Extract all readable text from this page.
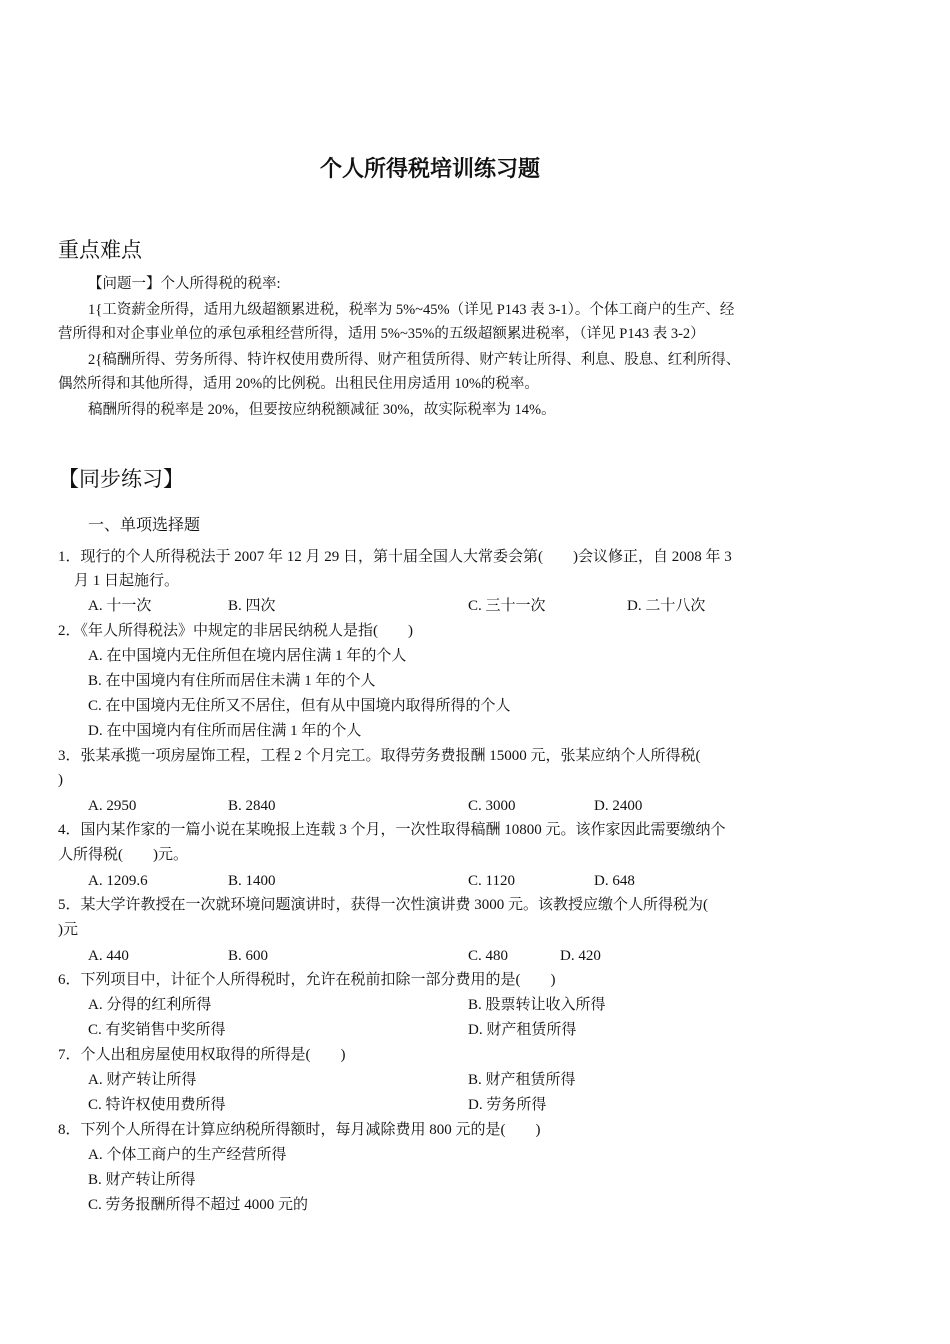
个人所得税培训练习题
重点难点
【问题一】个人所得税的税率:
1{工资薪金所得，适用九级超额累进税，税率为 5%~45%（详见 P143 表 3-1）。个体工商户的生产、经
营所得和对企事业单位的承包承租经营所得，适用 5%~35%的五级超额累进税率，（详见 P143 表 3-2）
2{稿酬所得、劳务所得、特许权使用费所得、财产租赁所得、财产转让所得、利息、股息、红利所得、
偶然所得和其他所得，适用 20%的比例税。出租民住用房适用 10%的税率。
稿酬所得的税率是 20%，但要按应纳税额减征 30%，故实际税率为 14%。
【同步练习】
一、单项选择题
1．现行的个人所得税法于 2007 年 12 月 29 日，第十届全国人大常委会第(　　)会议修正，自 2008 年 3
月 1 日起施行。
A. 十一次	B. 四次	C. 三十一次	D. 二十八次
2．《年人所得税法》中规定的非居民纳税人是指(　　)
A. 在中国境内无住所但在境内居住满 1 年的个人
B. 在中国境内有住所而居住未满 1 年的个人
C. 在中国境内无住所又不居住，但有从中国境内取得所得的个人
D. 在中国境内有住所而居住满 1 年的个人
3．张某承揽一项房屋饰工程，工程 2 个月完工。取得劳务费报酬 15000 元，张某应纳个人所得税(
)
A. 2950	B. 2840	C. 3000	D. 2400
4．国内某作家的一篇小说在某晚报上连载 3 个月，一次性取得稿酬 10800 元。该作家因此需要缴纳个
人所得税(　　)元。
A. 1209.6	B. 1400	C. 1120	D. 648
5．某大学许教授在一次就环境问题演讲时，获得一次性演讲费 3000 元。该教授应缴个人所得税为(
)元
A. 440	B. 600	C. 480	D. 420
6．下列项目中，计征个人所得税时，允许在税前扣除一部分费用的是(　　)
A. 分得的红利所得	B. 股票转让收入所得
C. 有奖销售中奖所得	D. 财产租赁所得
7．个人出租房屋使用权取得的所得是(　　)
A. 财产转让所得	B. 财产租赁所得
C. 特许权使用费所得	D. 劳务所得
8．下列个人所得在计算应纳税所得额时，每月减除费用 800 元的是(　　)
A. 个体工商户的生产经营所得
B. 财产转让所得
C. 劳务报酬所得不超过 4000 元的
